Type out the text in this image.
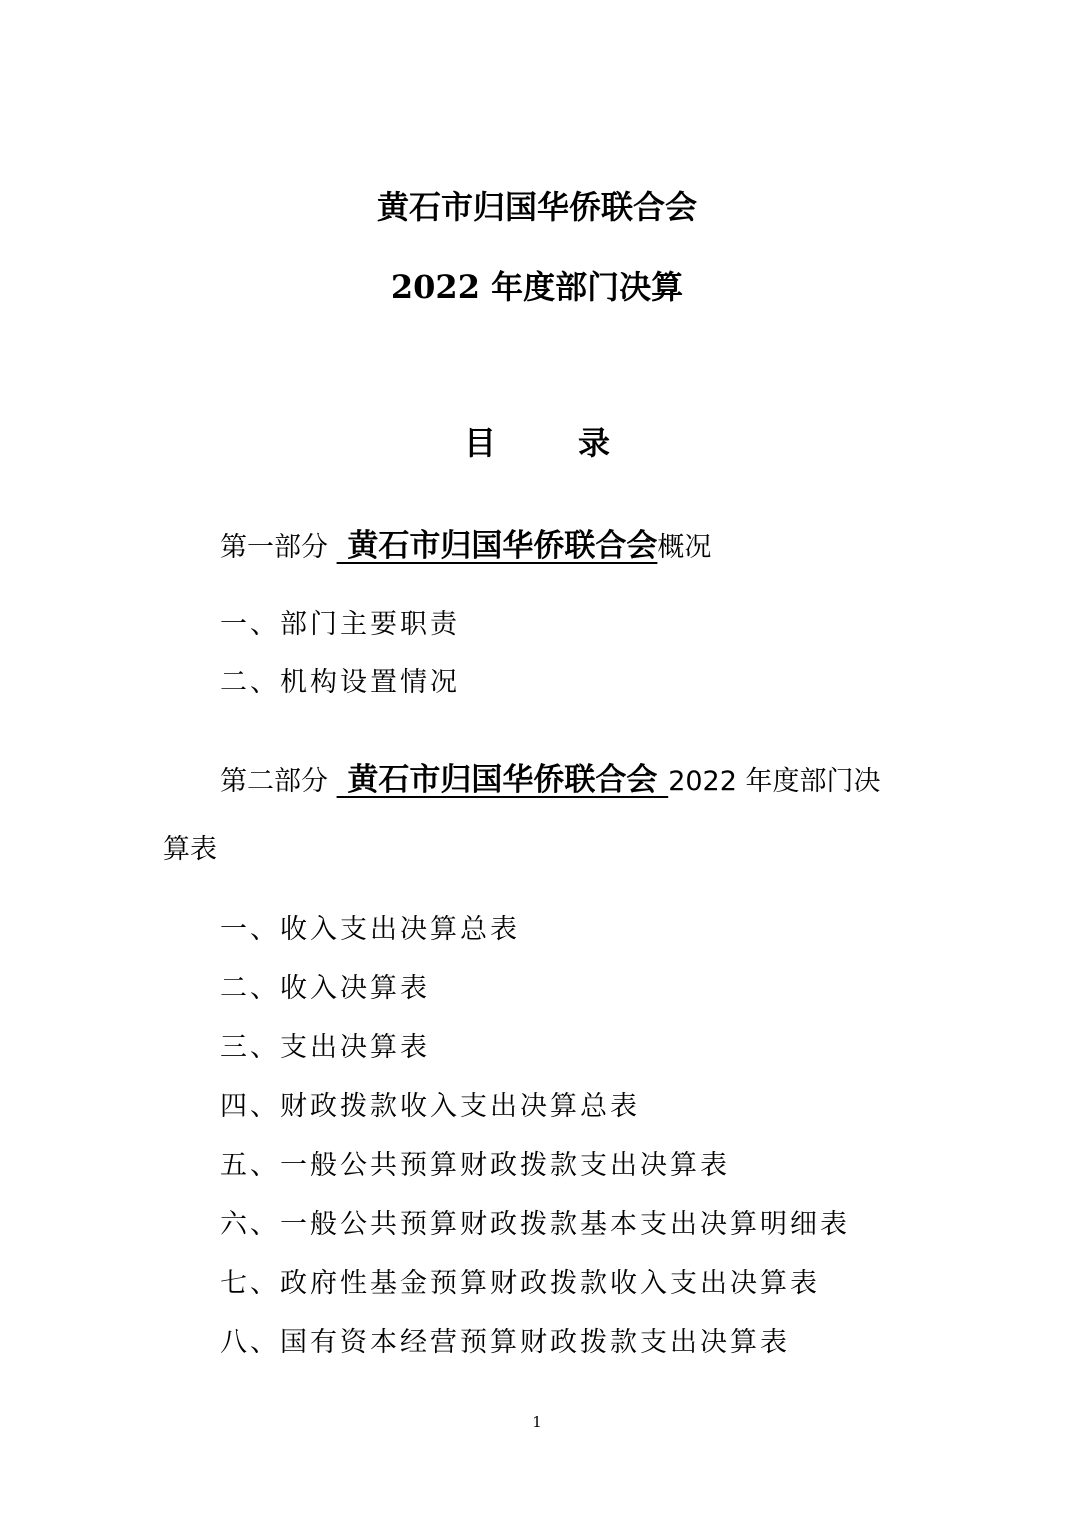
黄石市归国华侨联合会
2022 年度部门决算
目	录
第一部分  黄石市归国华侨联合会概况
一、部门主要职责
二、机构设置情况
第二部分  黄石市归国华侨联合会 2022 年度部门决
算表
一、收入支出决算总表
二、收入决算表
三、支出决算表
四、财政拨款收入支出决算总表
五、一般公共预算财政拨款支出决算表
六、一般公共预算财政拨款基本支出决算明细表
七、政府性基金预算财政拨款收入支出决算表
八、国有资本经营预算财政拨款支出决算表
1
